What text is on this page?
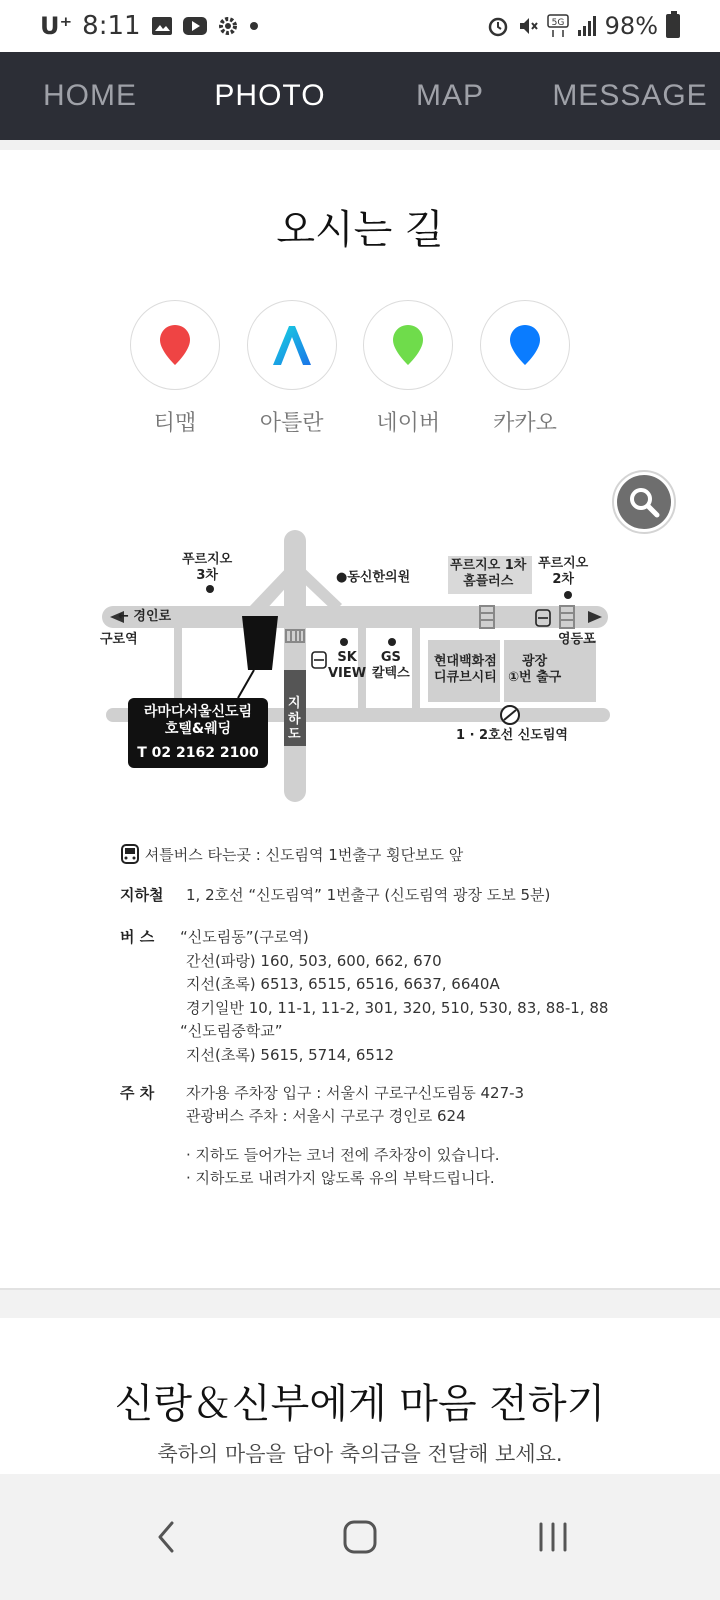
U⁺ 8:11	5G 98%
HOME	PHOTO	MAP	MESSAGE
오시는 길
티맵	아틀란 네이버 카카오
푸르지오
3차	●동신한의원
푸르지오 1차
홈플러스
푸르지오
2차
← 경인로
구로역	영등포
SK
VIEW
GS
칼텍스
현대백화점
디큐브시티
광장
①번 출구
지
하
도	1 · 2호선 신도림역
라마다서울신도림
호텔&웨딩
T 02 2162 2100
셔틀버스 타는곳 : 신도림역 1번출구 횡단보도 앞
지하철 1, 2호선 “신도림역” 1번출구 (신도림역 광장 도보 5분)
버 스 “신도림동”(구로역)
간선(파랑) 160, 503, 600, 662, 670
지선(초록) 6513, 6515, 6516, 6637, 6640A
경기일반 10, 11-1, 11-2, 301, 320, 510, 530, 83, 88-1, 88
“신도림중학교”
지선(초록) 5615, 5714, 6512
주 차 자가용 주차장 입구 : 서울시 구로구신도림동 427-3
관광버스 주차 : 서울시 구로구 경인로 624
· 지하도 들어가는 코너 전에 주차장이 있습니다.
· 지하도로 내려가지 않도록 유의 부탁드립니다.
신랑＆신부에게 마음 전하기
축하의 마음을 담아 축의금을 전달해 보세요.
